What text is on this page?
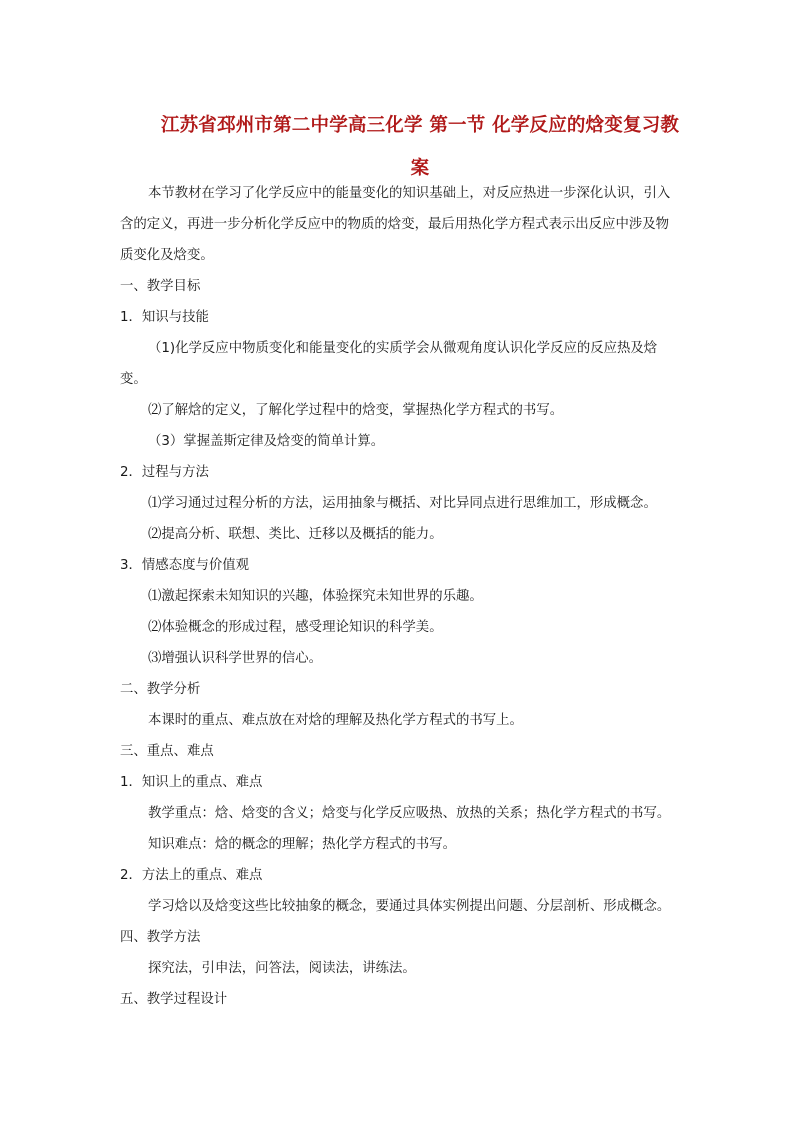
江苏省邳州市第二中学高三化学 第一节 化学反应的焓变复习教
案

本节教材在学习了化学反应中的能量变化的知识基础上，对反应热进一步深化认识，引入含的定义，再进一步分析化学反应中的物质的焓变，最后用热化学方程式表示出反应中涉及物质变化及焓变。

一、教学目标

1．知识与技能

（1)化学反应中物质变化和能量变化的实质学会从微观角度认识化学反应的反应热及焓变。

⑵了解焓的定义，了解化学过程中的焓变，掌握热化学方程式的书写。

（3）掌握盖斯定律及焓变的简单计算。

2．过程与方法

⑴学习通过过程分析的方法，运用抽象与概括、对比异同点进行思维加工，形成概念。

⑵提高分析、联想、类比、迁移以及概括的能力。

3．情感态度与价值观

⑴激起探索未知知识的兴趣，体验探究未知世界的乐趣。

⑵体验概念的形成过程，感受理论知识的科学美。

⑶增强认识科学世界的信心。

二、教学分析

本课时的重点、难点放在对焓的理解及热化学方程式的书写上。

三、重点、难点

1．知识上的重点、难点

教学重点：焓、焓变的含义；焓变与化学反应吸热、放热的关系；热化学方程式的书写。

知识难点：焓的概念的理解；热化学方程式的书写。

2．方法上的重点、难点

学习焓以及焓变这些比较抽象的概念，要通过具体实例提出问题、分层剖析、形成概念。

四、教学方法

探究法，引申法，问答法，阅读法，讲练法。

五、教学过程设计
